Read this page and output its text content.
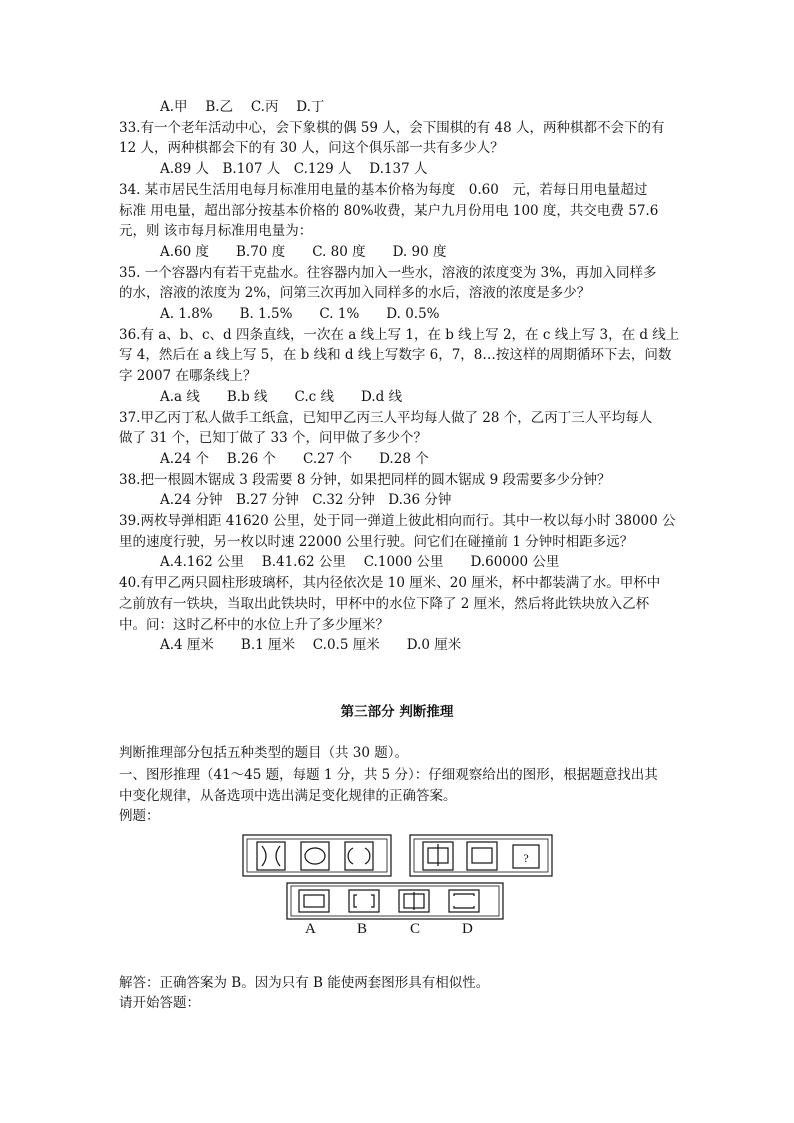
A.甲　 B.乙　 C.丙　 D.丁
33.有一个老年活动中心，会下象棋的偶 59 人，会下围棋的有 48 人，两种棋都不会下的有
12 人，两种棋都会下的有 30 人，问这个俱乐部一共有多少人？
A.89 人　B.107 人　C.129 人　 D.137 人
34. 某市居民生活用电每月标准用电量的基本价格为每度　0.60　元，若每日用电量超过
标准 用电量，超出部分按基本价格的 80%收费，某户九月份用电 100 度，共交电费 57.6
元，则 该市每月标准用电量为：
A.60 度　　B.70 度　　C. 80 度　　D. 90 度
35. 一个容器内有若干克盐水。往容器内加入一些水，溶液的浓度变为 3%，再加入同样多
的水，溶液的浓度为 2%，问第三次再加入同样多的水后，溶液的浓度是多少？
A. 1.8%　　B. 1.5%　　C. 1%　　D. 0.5%
36.有 a、b、c、d 四条直线，一次在 a 线上写 1，在 b 线上写 2，在 c 线上写 3，在 d 线上
写 4，然后在 a 线上写 5，在 b 线和 d 线上写数字 6，7，8…按这样的周期循环下去，问数
字 2007 在哪条线上？
A.a 线　　B.b 线　　C.c 线　　D.d 线
37.甲乙丙丁私人做手工纸盒，已知甲乙丙三人平均每人做了 28 个，乙丙丁三人平均每人
做了 31 个，已知丁做了 33 个，问甲做了多少个？
A.24 个　 B.26 个　　C.27 个　　D.28 个
38.把一根圆木锯成 3 段需要 8 分钟，如果把同样的圆木锯成 9 段需要多少分钟？
A.24 分钟　B.27 分钟　C.32 分钟　D.36 分钟
39.两枚导弹相距 41620 公里，处于同一弹道上彼此相向而行。其中一枚以每小时 38000 公
里的速度行驶，另一枚以时速 22000 公里行驶。问它们在碰撞前 1 分钟时相距多远？
A.4.162 公里　 B.41.62 公里　 C.1000 公里　　D.60000 公里
40.有甲乙两只圆柱形玻璃杯，其内径依次是 10 厘米、20 厘米，杯中都装满了水。甲杯中
之前放有一铁块，当取出此铁块时，甲杯中的水位下降了 2 厘米，然后将此铁块放入乙杯
中。问：这时乙杯中的水位上升了多少厘米？
A.4 厘米　　B.1 厘米　 C.0.5 厘米　　D.0 厘米
第三部分 判断推理
判断推理部分包括五种类型的题目（共 30 题）。
一、图形推理（41～45 题，每题 1 分，共 5 分）：仔细观察给出的图形，根据题意找出其
中变化规律，从备选项中选出满足变化规律的正确答案。
例题：
?
A	B	C	D
解答：正确答案为 B。因为只有 B 能使两套图形具有相似性。
请开始答题：
